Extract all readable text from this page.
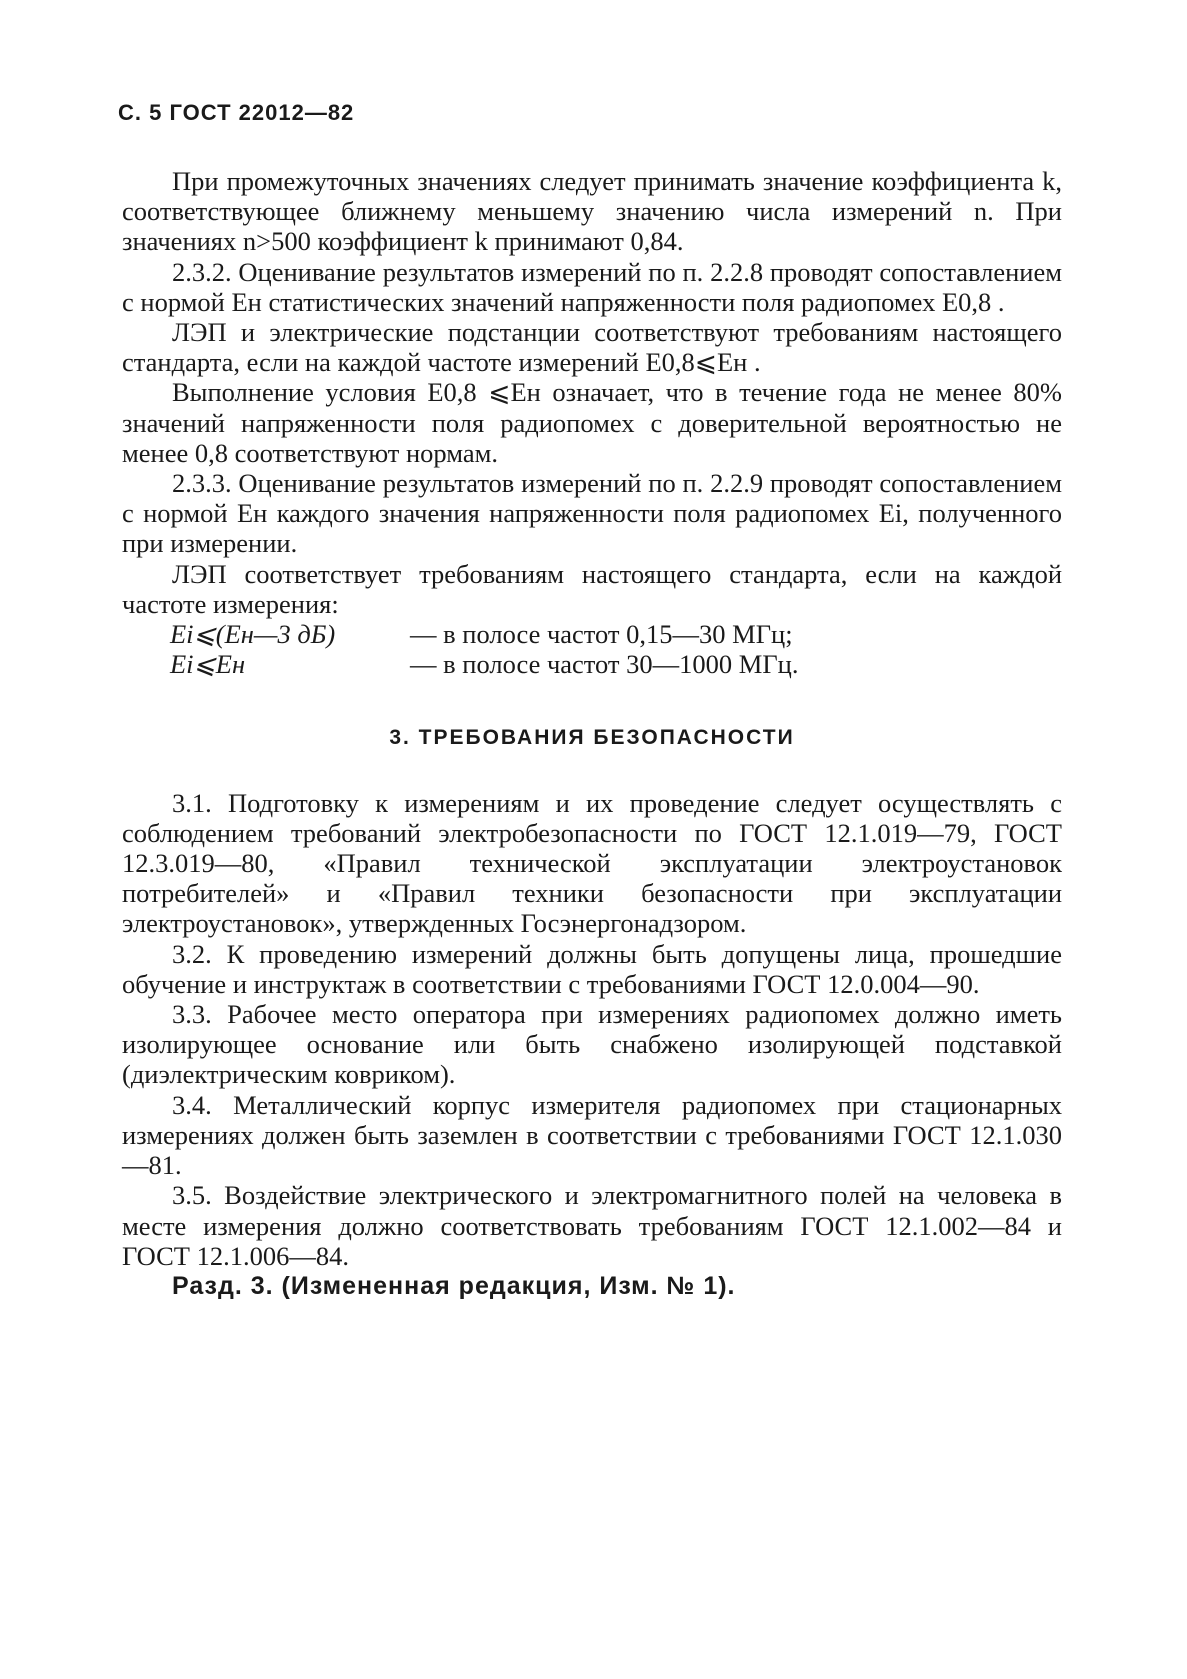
С. 5 ГОСТ 22012—82

При промежуточных значениях следует принимать значение коэффициента k, соответствующее ближнему меньшему значению числа измерений n. При значениях n>500 коэффициент k принимают 0,84.

2.3.2. Оценивание результатов измерений по п. 2.2.8 проводят сопоставлением с нормой Eн статистических значений напряженности поля радиопомех E0,8 .

ЛЭП и электрические подстанции соответствуют требованиям настоящего стандарта, если на каждой частоте измерений E0,8⩽Eн .

Выполнение условия E0,8 ⩽Eн означает, что в течение года не менее 80% значений напряженности поля радиопомех с доверительной вероятностью не менее 0,8 соответствуют нормам.

2.3.3. Оценивание результатов измерений по п. 2.2.9 проводят сопоставлением с нормой Eн каждого значения напряженности поля радиопомех Ei, полученного при измерении.

ЛЭП соответствует требованиям настоящего стандарта, если на каждой частоте измерения:

Ei⩽(Eн—3 дБ)	— в полосе частот 0,15—30 МГц;
Ei⩽Eн	— в полосе частот 30—1000 МГц.
3. ТРЕБОВАНИЯ БЕЗОПАСНОСТИ

3.1. Подготовку к измерениям и их проведение следует осуществлять с соблюдением требований электробезопасности по ГОСТ 12.1.019—79, ГОСТ 12.3.019—80, «Правил технической эксплуатации электроустановок потребителей» и «Правил техники безопасности при эксплуатации электроустановок», утвержденных Госэнергонадзором.

3.2. К проведению измерений должны быть допущены лица, прошедшие обучение и инструктаж в соответствии с требованиями ГОСТ 12.0.004—90.

3.3. Рабочее место оператора при измерениях радиопомех должно иметь изолирующее основание или быть снабжено изолирующей подставкой (диэлектрическим ковриком).

3.4. Металлический корпус измерителя радиопомех при стационарных измерениях должен быть заземлен в соответствии с требованиями ГОСТ 12.1.030—81.

3.5. Воздействие электрического и электромагнитного полей на человека в месте измерения должно соответствовать требованиям ГОСТ 12.1.002—84 и ГОСТ 12.1.006—84.

Разд. 3. (Измененная редакция, Изм. № 1).
